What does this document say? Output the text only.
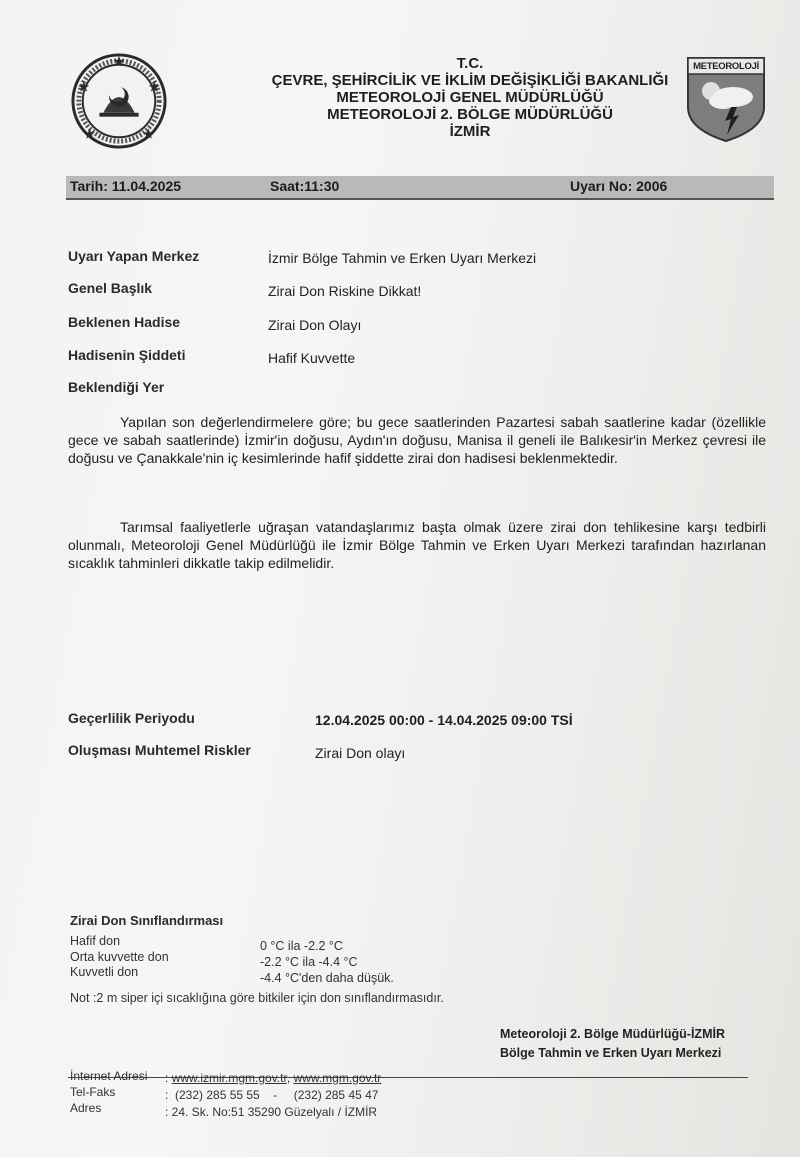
T.C.
ÇEVRE, ŞEHİRCİLİK VE İKLİM DEĞİŞİKLİĞİ BAKANLIĞI
METEOROLOJİ GENEL MÜDÜRLÜĞÜ
METEOROLOJİ 2. BÖLGE MÜDÜRLÜĞÜ
İZMİR
METEOROLOJİ
Tarih: 11.04.2025	Saat:11:30	Uyarı No: 2006
Uyarı Yapan Merkez	İzmir Bölge Tahmin ve Erken Uyarı Merkezi
Genel Başlık	Zirai Don Riskine Dikkat!
Beklenen Hadise	Zirai Don Olayı
Hadisenin Şiddeti	Hafif Kuvvette
Beklendiği Yer

Yapılan son değerlendirmelere göre; bu gece saatlerinden Pazartesi sabah saatlerine kadar (özellikle gece ve sabah saatlerinde) İzmir'in doğusu, Aydın'ın doğusu, Manisa il geneli ile Balıkesir'in Merkez çevresi ile doğusu ve Çanakkale'nin iç kesimlerinde hafif şiddette zirai don hadisesi beklenmektedir.

Tarımsal faaliyetlerle uğraşan vatandaşlarımız başta olmak üzere zirai don tehlikesine karşı tedbirli olunmalı, Meteoroloji Genel Müdürlüğü ile İzmir Bölge Tahmin ve Erken Uyarı Merkezi tarafından hazırlanan sıcaklık tahminleri dikkatle takip edilmelidir.

Geçerlilik Periyodu	12.04.2025 00:00 - 14.04.2025 09:00 TSİ
Oluşması Muhtemel Riskler	Zirai Don olayı
Zirai Don Sınıflandırması
Hafif don	0 °C ila -2.2 °C
Orta kuvvette don	-2.2 °C ila -4.4 °C
Kuvvetli don	-4.4 °C'den daha düşük.
Not :2 m siper içi sıcaklığına göre bitkiler için don sınıflandırmasıdır.
Meteoroloji 2. Bölge Müdürlüğü-İZMİR
Bölge Tahmin ve Erken Uyarı Merkezi
İnternet Adresi : www.izmir.mgm.gov.tr, www.mgm.gov.tr
Tel-Faks	:  (232) 285 55 55    -     (232) 285 45 47
Adres	: 24. Sk. No:51 35290 Güzelyalı / İZMİR
